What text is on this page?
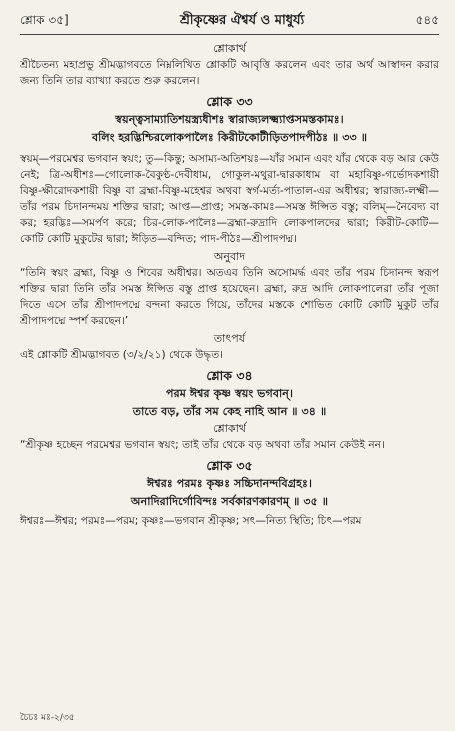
শ্লোক ৩৫]	শ্রীকৃষ্ণের ঐশ্বর্য ও মাধুর্য্য	৫৪৫
শ্লোকার্থ

শ্রীচৈতন্য মহাপ্রভু শ্রীমদ্ভাগবতে নিম্নলিখিত শ্লোকটি আবৃত্তি করলেন এবং তার অর্থ আস্বাদন করার জন্য তিনি তার ব্যাখ্যা করতে শুরু করলেন।

শ্লোক ৩৩
স্বয়ন্ত্বসাম্যাতিশয়স্ত্র্যধীশঃ স্বারাজ্যলক্ষ্ম্যাপ্তসমস্তকামঃ।
বলিং হরদ্ভিশ্চিরলোকপালৈঃ কিরীটকোটীড়িতপাদপীঠঃ ॥ ৩৩ ॥

স্বয়ম্—পরমেশ্বর ভগবান স্বয়ং; তু—কিন্তু; অসাম্য-অতিশয়ঃ—যাঁর সমান এবং যাঁর থেকে বড় আর কেউ নেই; ত্রি-অধীশঃ—গোলোক-বৈকুণ্ঠ-দেবীধাম, গোকুল-মথুরা-দ্বারকাধাম বা মহাবিষ্ণু-গর্ভোদকশায়ী বিষ্ণু-ক্ষীরোদকশায়ী বিষ্ণু বা ব্রহ্মা-বিষ্ণু-মহেশ্বর অথবা স্বর্গ-মর্ত্য-পাতাল-এর অধীশ্বর; স্বারাজ্য-লক্ষ্মী—তাঁর পরম চিদানন্দময় শক্তির দ্বারা; আপ্ত—প্রাপ্ত; সমস্ত-কামঃ—সমস্ত ঈপ্সিত বস্তু; বলিম্—নৈবেদ্য বা কর; হরদ্ভিঃ—সমর্পণ করে; চির-লোক-পালৈঃ—ব্রহ্মা-রুদ্রাদি লোকপালদের দ্বারা; কিরীট-কোটি—কোটি কোটি মুকুটের দ্বারা; ঈড়িত—বন্দিত; পাদ-পীঠঃ—শ্রীপাদপদ্ম।

অনুবাদ

“তিনি স্বয়ং ব্রহ্মা, বিষ্ণু ও শিবের অধীশ্বর। অতএব তিনি অসোমর্দ্ধ এবং তাঁর পরম চিদানন্দ স্বরূপ শক্তির দ্বারা তিনি তাঁর সমস্ত ঈপ্সিত বস্তু প্রাপ্ত হয়েছেন। ব্রহ্মা, রুদ্র আদি লোকপালেরা তাঁর পূজা দিতে এসে তাঁর শ্রীপাদপদ্মে বন্দনা করতে গিয়ে, তাঁদের মস্তকে শোভিত কোটি কোটি মুকুট তাঁর শ্রীপাদপদ্মে স্পর্শ করছেন।’

তাৎপর্য

এই শ্লোকটি শ্রীমদ্ভাগবত (৩/২/২১) থেকে উদ্ধৃত।

শ্লোক ৩৪
পরম ঈশ্বর কৃষ্ণ স্বয়ং ভগবান্।
তাতে বড়, তাঁর সম কেহ নাহি আন ॥ ৩৪ ॥
শ্লোকার্থ

“শ্রীকৃষ্ণ হচ্ছেন পরমেশ্বর ভগবান স্বয়ং; তাই তাঁর থেকে বড় অথবা তাঁর সমান কেউই নন।

শ্লোক ৩৫
ঈশ্বরঃ পরমঃ কৃষ্ণঃ সচ্চিদানন্দবিগ্রহঃ।
অনাদিরাদির্গোবিন্দঃ সর্বকারণকারণম্ ॥ ৩৫ ॥

ঈশ্বরঃ—ঈশ্বর; পরমঃ—পরম; কৃষ্ণঃ—ভগবান শ্রীকৃষ্ণ; সৎ—নিত্য স্থিতি; চিৎ—পরম

চৈচঃ মঃ-২/৩৫
